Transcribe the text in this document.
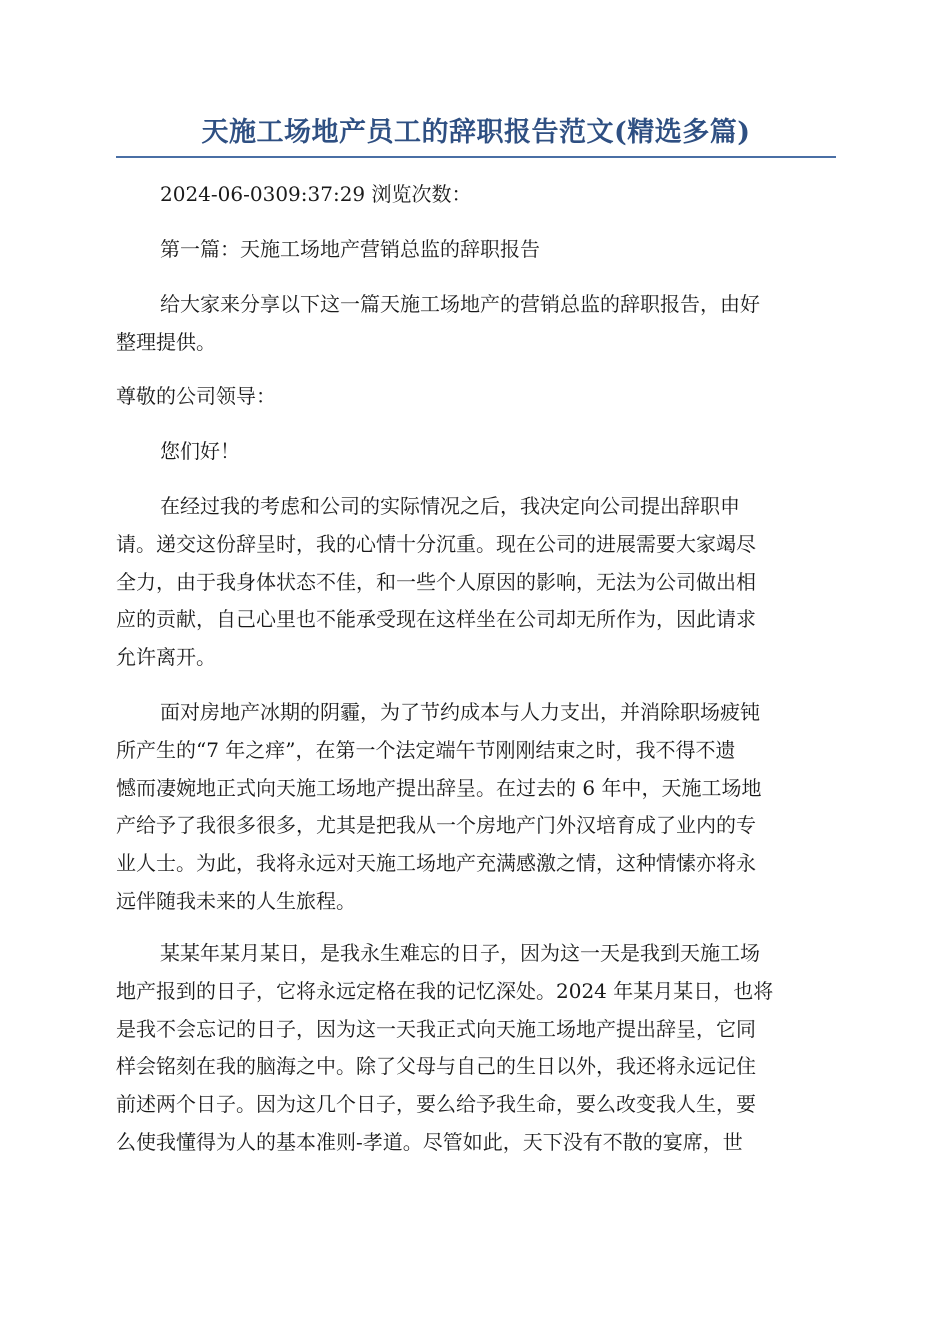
天施工场地产员工的辞职报告范文(精选多篇)

2024-06-0309:37:29 浏览次数：

第一篇：天施工场地产营销总监的辞职报告

给大家来分享以下这一篇天施工场地产的营销总监的辞职报告，由好
整理提供。

尊敬的公司领导：

您们好！

在经过我的考虑和公司的实际情况之后，我决定向公司提出辞职申
请。递交这份辞呈时，我的心情十分沉重。现在公司的进展需要大家竭尽
全力，由于我身体状态不佳，和一些个人原因的影响，无法为公司做出相
应的贡献，自己心里也不能承受现在这样坐在公司却无所作为，因此请求
允许离开。

面对房地产冰期的阴霾，为了节约成本与人力支出，并消除职场疲钝
所产生的“7 年之痒”，在第一个法定端午节刚刚结束之时，我不得不遗
憾而凄婉地正式向天施工场地产提出辞呈。在过去的 6 年中，天施工场地
产给予了我很多很多，尤其是把我从一个房地产门外汉培育成了业内的专
业人士。为此，我将永远对天施工场地产充满感激之情，这种情愫亦将永
远伴随我未来的人生旅程。

某某年某月某日，是我永生难忘的日子，因为这一天是我到天施工场
地产报到的日子，它将永远定格在我的记忆深处。2024 年某月某日，也将
是我不会忘记的日子，因为这一天我正式向天施工场地产提出辞呈，它同
样会铭刻在我的脑海之中。除了父母与自己的生日以外，我还将永远记住
前述两个日子。因为这几个日子，要么给予我生命，要么改变我人生，要
么使我懂得为人的基本准则-孝道。尽管如此，天下没有不散的宴席，世
